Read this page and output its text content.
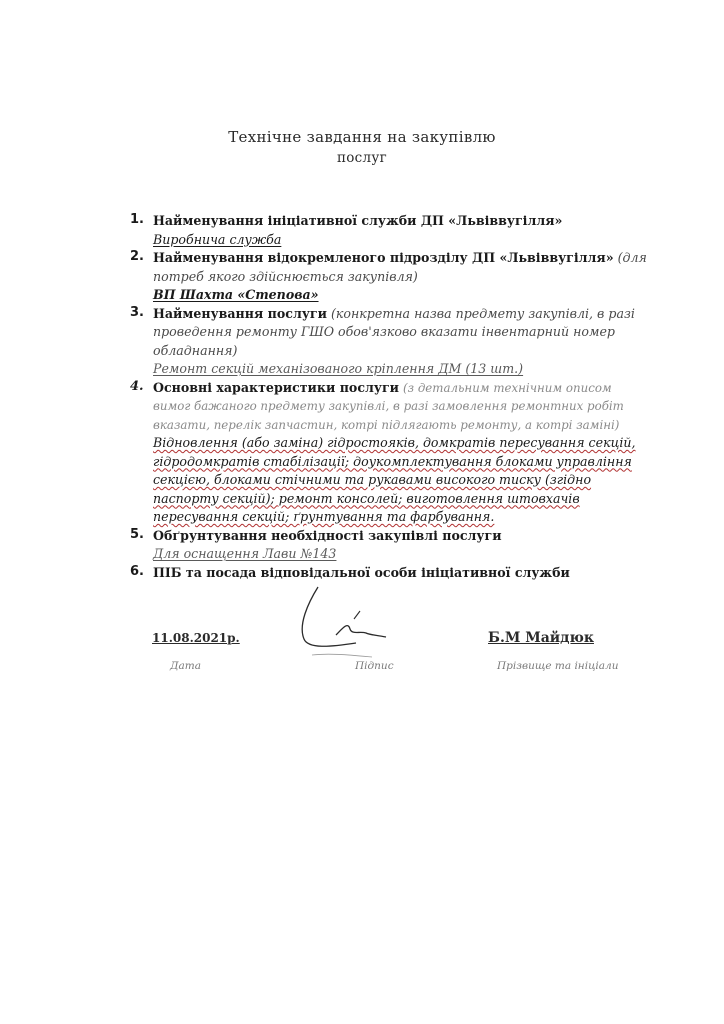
Технічне завдання на закупівлю
послуг
1. Найменування ініціативної служби ДП «Львіввугілля»
Виробнича служба
2. Найменування відокремленого підрозділу ДП «Львіввугілля» (для
потреб якого здійснюється закупівля)
ВП Шахта «Степова»
3. Найменування послуги (конкретна назва предмету закупівлі, в разі
проведення ремонту ГШО обов'язково вказати інвентарний номер
обладнання)
Ремонт секцій механізованого кріплення ДМ (13 шт.)
4. Основні характеристики послуги (з детальним технічним описом
вимог бажаного предмету закупівлі, в разі замовлення ремонтних робіт
вказати, перелік запчастин, котрі підлягають ремонту, а котрі заміні)
Відновлення (або заміна) гідростояків, домкратів пересування секцій,
гідродомкратів стабілізації; доукомплектування блоками управління
секцією, блоками стічними та рукавами високого тиску (згідно
паспорту секцій); ремонт консолей; виготовлення штовхачів
пересування секцій; ґрунтування та фарбування.
5. Обґрунтування необхідності закупівлі послуги
Для оснащення Лави №143
6. ПІБ та посада відповідальної особи ініціативної служби
11.08.2021р.	Б.М Майдюк
Дата	Підпис	Прізвище та ініціали
